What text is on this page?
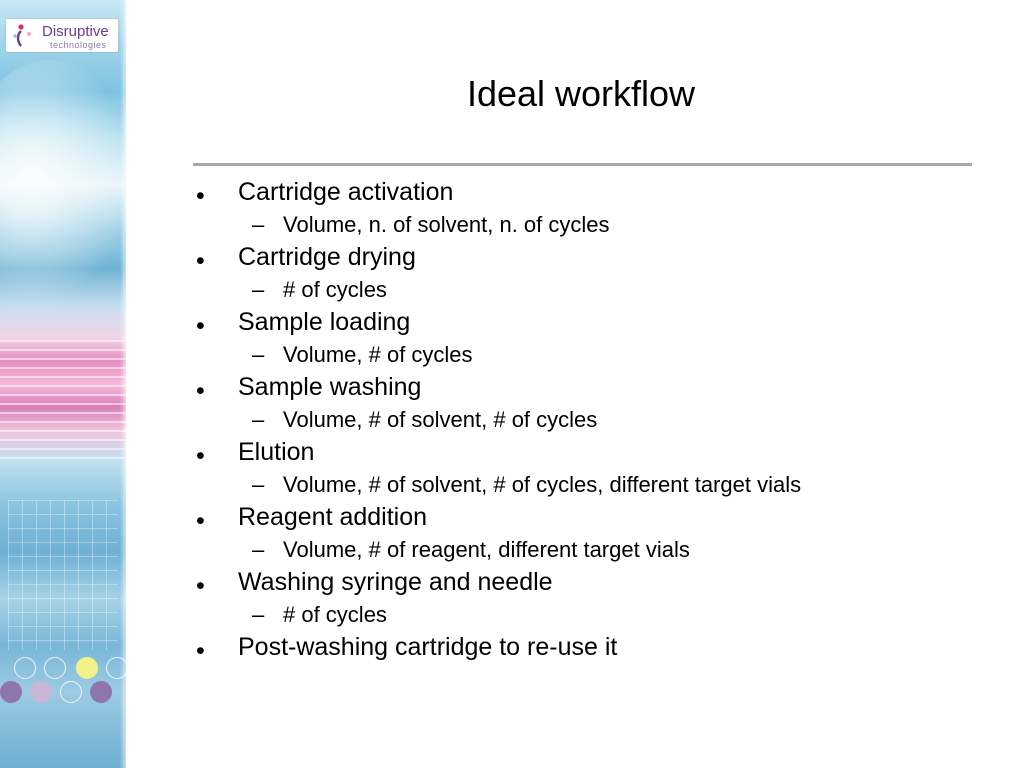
Disruptive
technologies
Ideal workflow
• Cartridge activation
– Volume, n. of solvent, n. of cycles
• Cartridge drying
– # of cycles
• Sample loading
– Volume, # of cycles
• Sample washing
– Volume, # of solvent, # of cycles
• Elution
– Volume, # of solvent, # of cycles, different target vials
• Reagent addition
– Volume, # of reagent, different target vials
• Washing syringe and needle
– # of cycles
• Post-washing cartridge to re-use it
